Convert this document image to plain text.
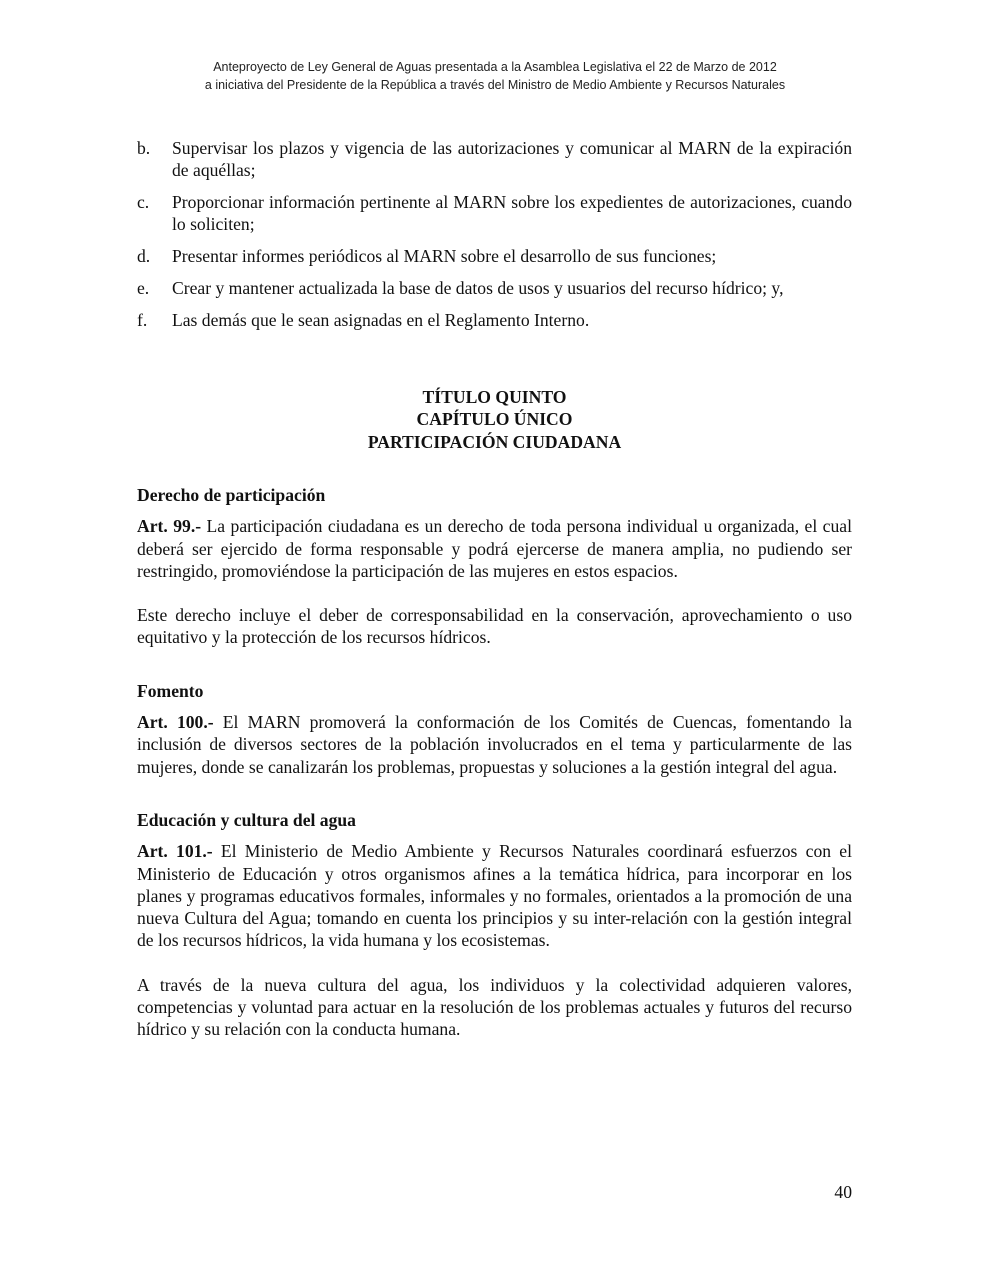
Anteproyecto de Ley General de Aguas presentada a la Asamblea Legislativa el 22 de Marzo de 2012
a iniciativa del Presidente de la República a través del Ministro de Medio Ambiente y Recursos Naturales
b.	Supervisar los plazos y vigencia de las autorizaciones y comunicar al MARN de la expiración de aquéllas;
c.	Proporcionar información pertinente al MARN sobre los expedientes de autorizaciones, cuando lo soliciten;
d.	Presentar informes periódicos al MARN sobre el desarrollo de sus funciones;
e.	Crear y mantener actualizada la base de datos de usos y usuarios del recurso hídrico; y,
f.	Las demás que le sean asignadas en el Reglamento Interno.
TÍTULO QUINTO
CAPÍTULO ÚNICO
PARTICIPACIÓN CIUDADANA
Derecho de participación

Art. 99.- La participación ciudadana es un derecho de toda persona individual u organizada, el cual deberá ser ejercido de forma responsable y podrá ejercerse de manera amplia, no pudiendo ser restringido, promoviéndose la participación de las mujeres en estos espacios.

Este derecho incluye el deber de corresponsabilidad en la conservación, aprovechamiento o uso equitativo y la protección de los recursos hídricos.

Fomento

Art. 100.- El MARN promoverá la conformación de los Comités de Cuencas, fomentando la inclusión de diversos sectores de la población involucrados en el tema y particularmente de las mujeres, donde se canalizarán los problemas, propuestas y soluciones a la gestión integral del agua.

Educación y cultura del agua

Art. 101.- El Ministerio de Medio Ambiente y Recursos Naturales coordinará esfuerzos con el Ministerio de Educación y otros organismos afines a la temática hídrica, para incorporar en los planes y programas educativos formales, informales y no formales, orientados a la promoción de una nueva Cultura del Agua; tomando en cuenta los principios y su inter-relación con la gestión integral de los recursos hídricos, la vida humana y los ecosistemas.

A través de la nueva cultura del agua, los individuos y la colectividad adquieren valores, competencias y voluntad para actuar en la resolución de los problemas actuales y futuros del recurso hídrico y su relación con la conducta humana.

40
